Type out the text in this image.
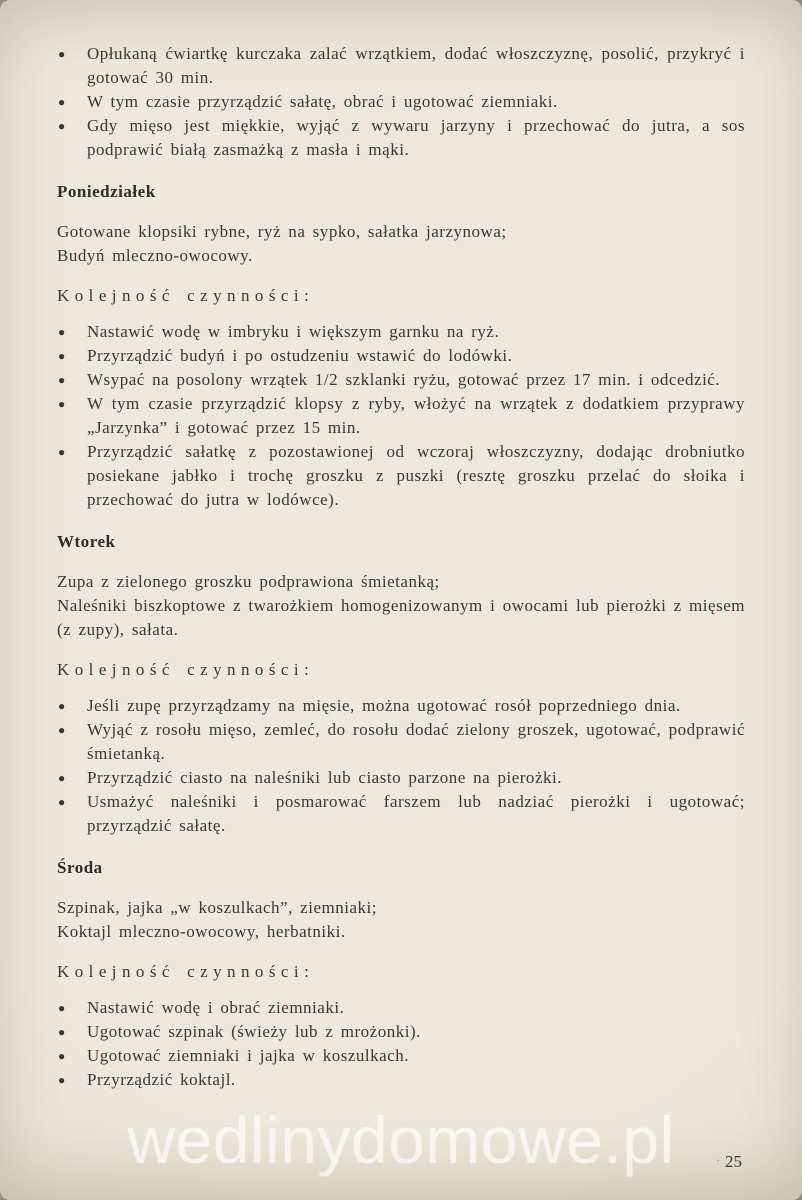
● Opłukaną ćwiartkę kurczaka zalać wrzątkiem, dodać włoszczyznę, posolić, przykryć i gotować 30 min.
● W tym czasie przyrządzić sałatę, obrać i ugotować ziemniaki.
● Gdy mięso jest miękkie, wyjąć z wywaru jarzyny i przechować do jutra, a sos podprawić białą zasmażką z masła i mąki.
Poniedziałek
Gotowane klopsiki rybne, ryż na sypko, sałatka jarzynowa;
Budyń mleczno-owocowy.
Kolejność czynności:
● Nastawić wodę w imbryku i większym garnku na ryż.
● Przyrządzić budyń i po ostudzeniu wstawić do lodówki.
● Wsypać na posolony wrzątek 1/2 szklanki ryżu, gotować przez 17 min. i odcedzić.
● W tym czasie przyrządzić klopsy z ryby, włożyć na wrzątek z dodatkiem przyprawy „Jarzynka” i gotować przez 15 min.
● Przyrządzić sałatkę z pozostawionej od wczoraj włoszczyzny, dodając drobniutko posiekane jabłko i trochę groszku z puszki (resztę groszku przelać do słoika i przechować do jutra w lodówce).
Wtorek
Zupa z zielonego groszku podprawiona śmietanką;
Naleśniki biszkoptowe z twarożkiem homogenizowanym i owocami lub pierożki z mięsem (z zupy), sałata.
Kolejność czynności:
● Jeśli zupę przyrządzamy na mięsie, można ugotować rosół poprzedniego dnia.
● Wyjąć z rosołu mięso, zemleć, do rosołu dodać zielony groszek, ugotować, podprawić śmietanką.
● Przyrządzić ciasto na naleśniki lub ciasto parzone na pierożki.
● Usmażyć naleśniki i posmarować farszem lub nadziać pierożki i ugotować; przyrządzić sałatę.
Środa
Szpinak, jajka „w koszulkach”, ziemniaki;
Koktajl mleczno-owocowy, herbatniki.
Kolejność czynności:
● Nastawić wodę i obrać ziemniaki.
● Ugotować szpinak (świeży lub z mrożonki).
● Ugotować ziemniaki i jajka w koszulkach.
● Przyrządzić koktajl.
wedlinydomowe.pl	· 25
